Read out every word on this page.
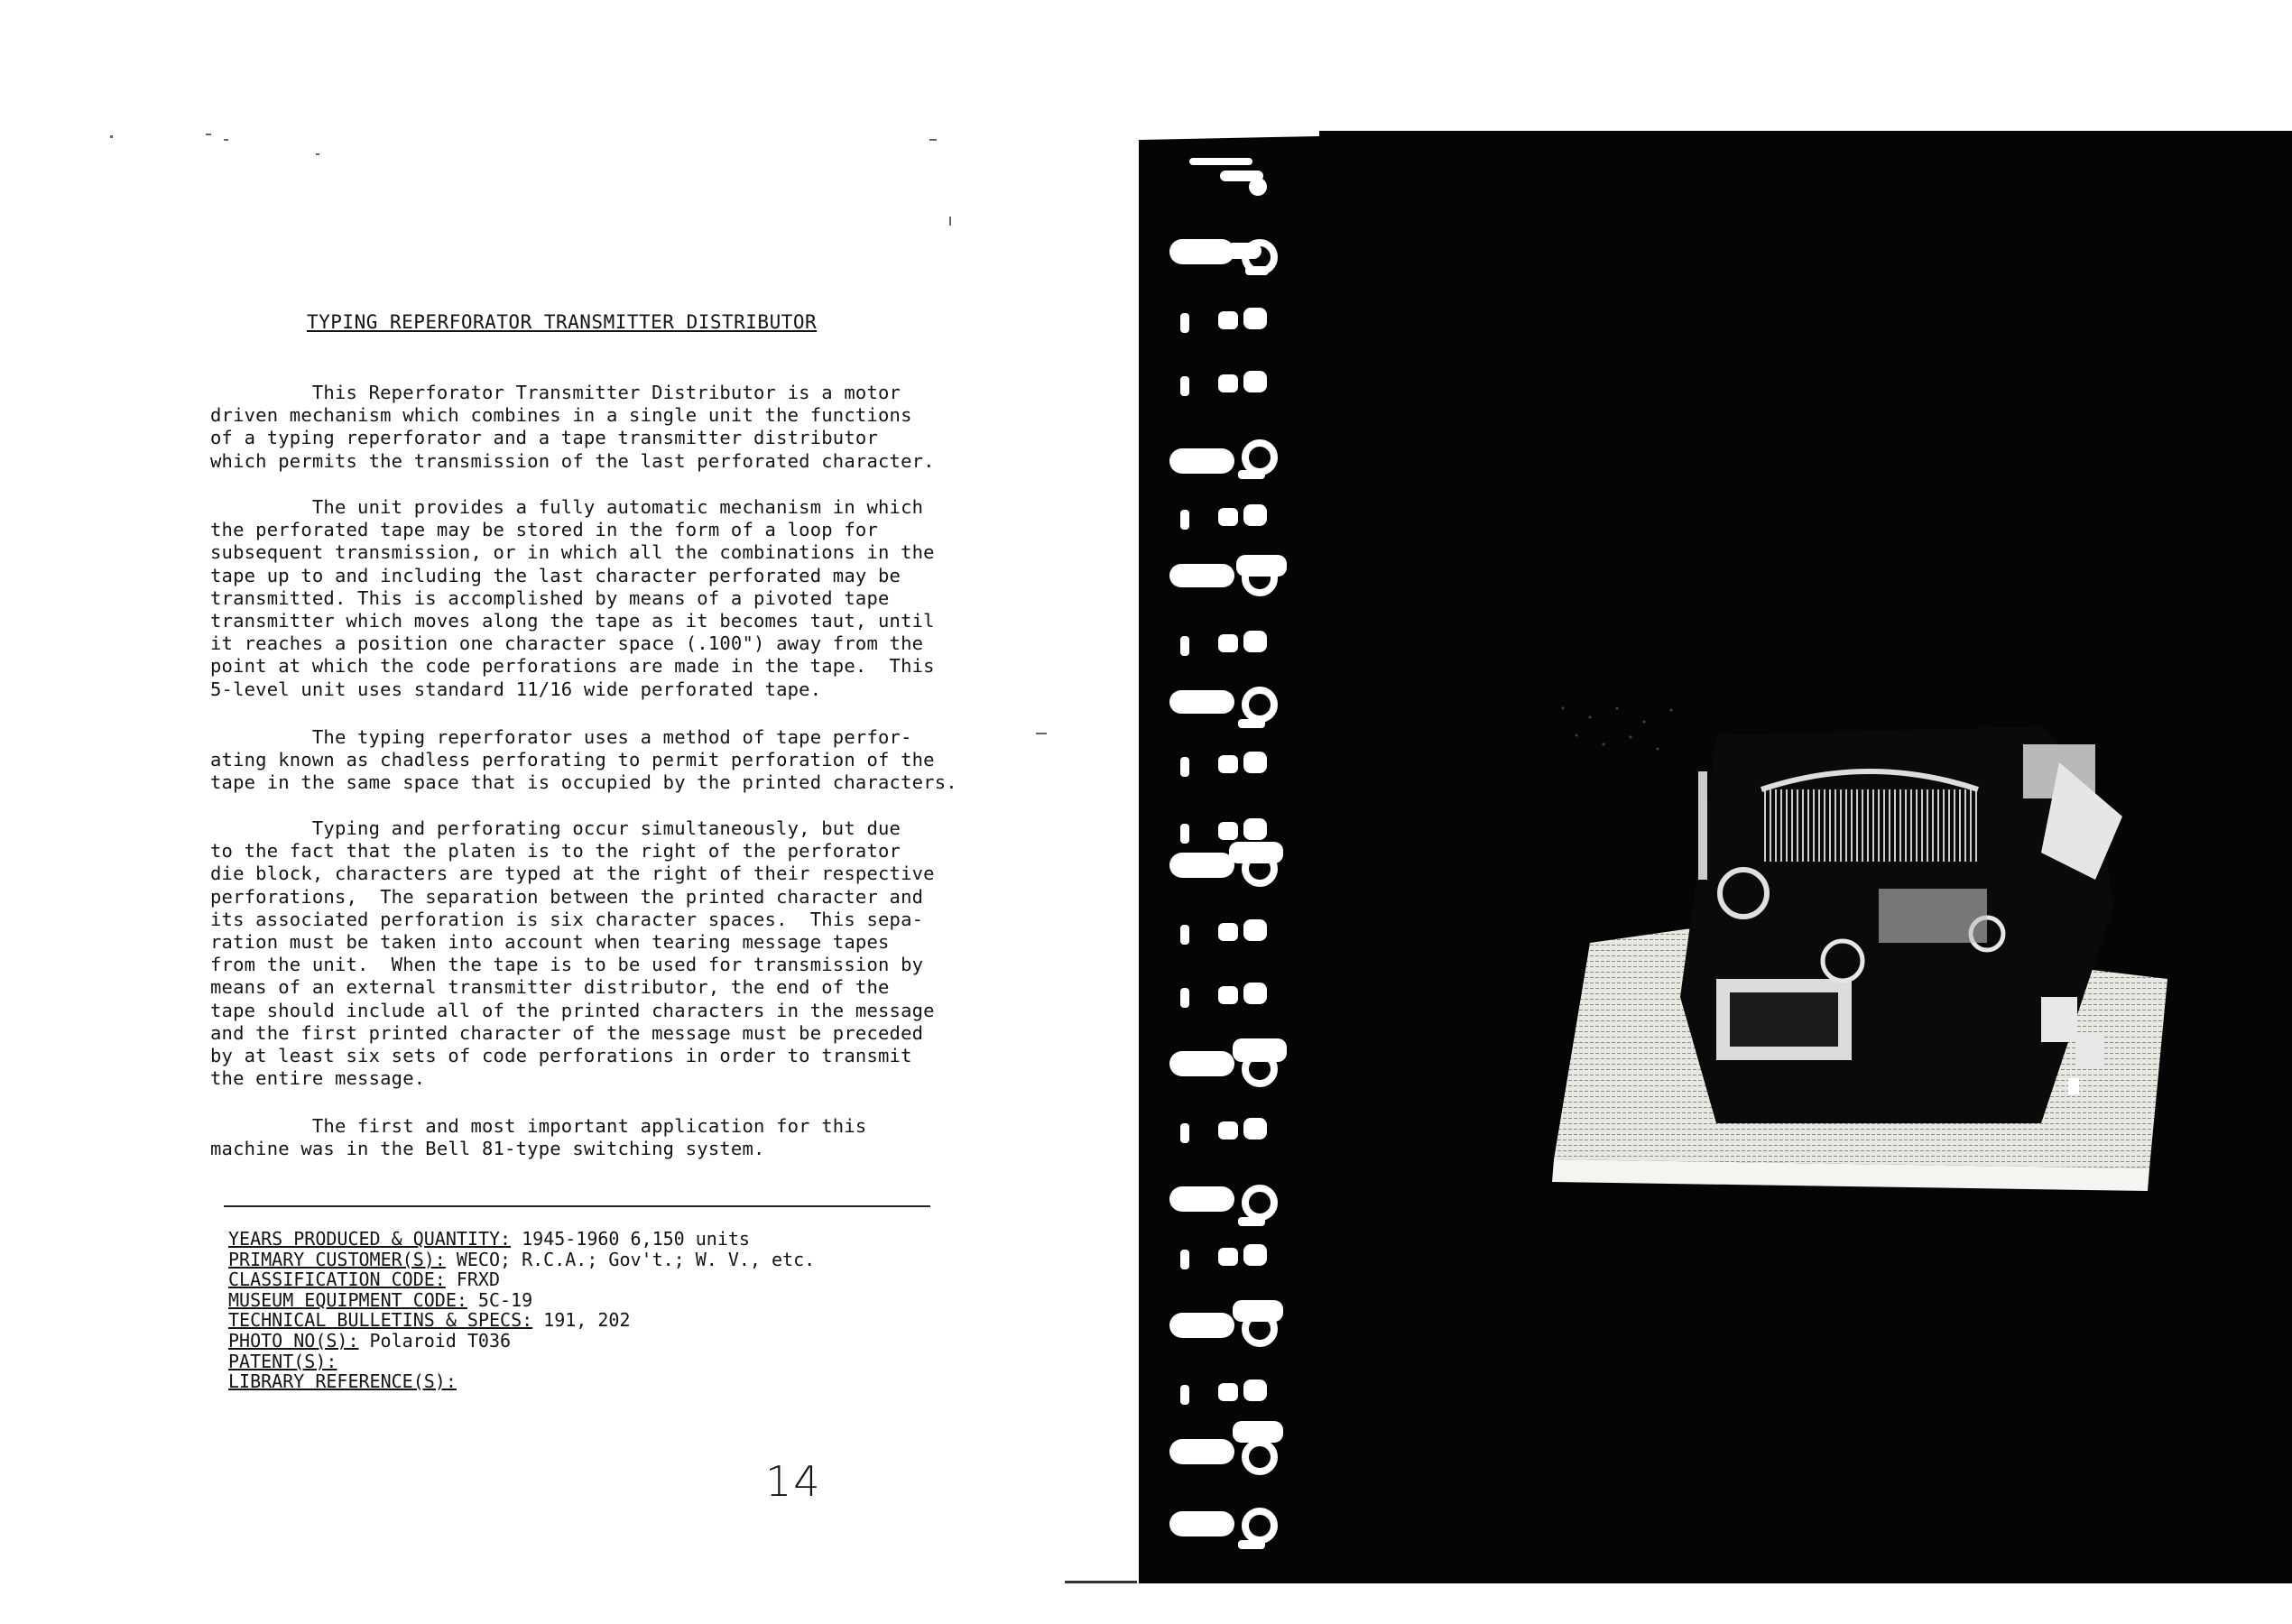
TYPING REPERFORATOR TRANSMITTER DISTRIBUTOR

This Reperforator Transmitter Distributor is a motor
driven mechanism which combines in a single unit the functions
of a typing reperforator and a tape transmitter distributor
which permits the transmission of the last perforated character.

The unit provides a fully automatic mechanism in which
the perforated tape may be stored in the form of a loop for
subsequent transmission, or in which all the combinations in the
tape up to and including the last character perforated may be
transmitted. This is accomplished by means of a pivoted tape
transmitter which moves along the tape as it becomes taut, until
it reaches a position one character space (.100") away from the
point at which the code perforations are made in the tape.  This
5-level unit uses standard 11/16 wide perforated tape.

The typing reperforator uses a method of tape perfor-
ating known as chadless perforating to permit perforation of the
tape in the same space that is occupied by the printed characters.

Typing and perforating occur simultaneously, but due
to the fact that the platen is to the right of the perforator
die block, characters are typed at the right of their respective
perforations,  The separation between the printed character and
its associated perforation is six character spaces.  This sepa-
ration must be taken into account when tearing message tapes
from the unit.  When the tape is to be used for transmission by
means of an external transmitter distributor, the end of the
tape should include all of the printed characters in the message
and the first printed character of the message must be preceded
by at least six sets of code perforations in order to transmit
the entire message.

The first and most important application for this
machine was in the Bell 81-type switching system.

YEARS PRODUCED & QUANTITY: 1945-1960 6,150 units
PRIMARY CUSTOMER(S): WECO; R.C.A.; Gov't.; W. V., etc.
CLASSIFICATION CODE: FRXD
MUSEUM EQUIPMENT CODE: 5C-19
TECHNICAL BULLETINS & SPECS: 191, 202
PHOTO NO(S): Polaroid T036
PATENT(S):
LIBRARY REFERENCE(S):
14
